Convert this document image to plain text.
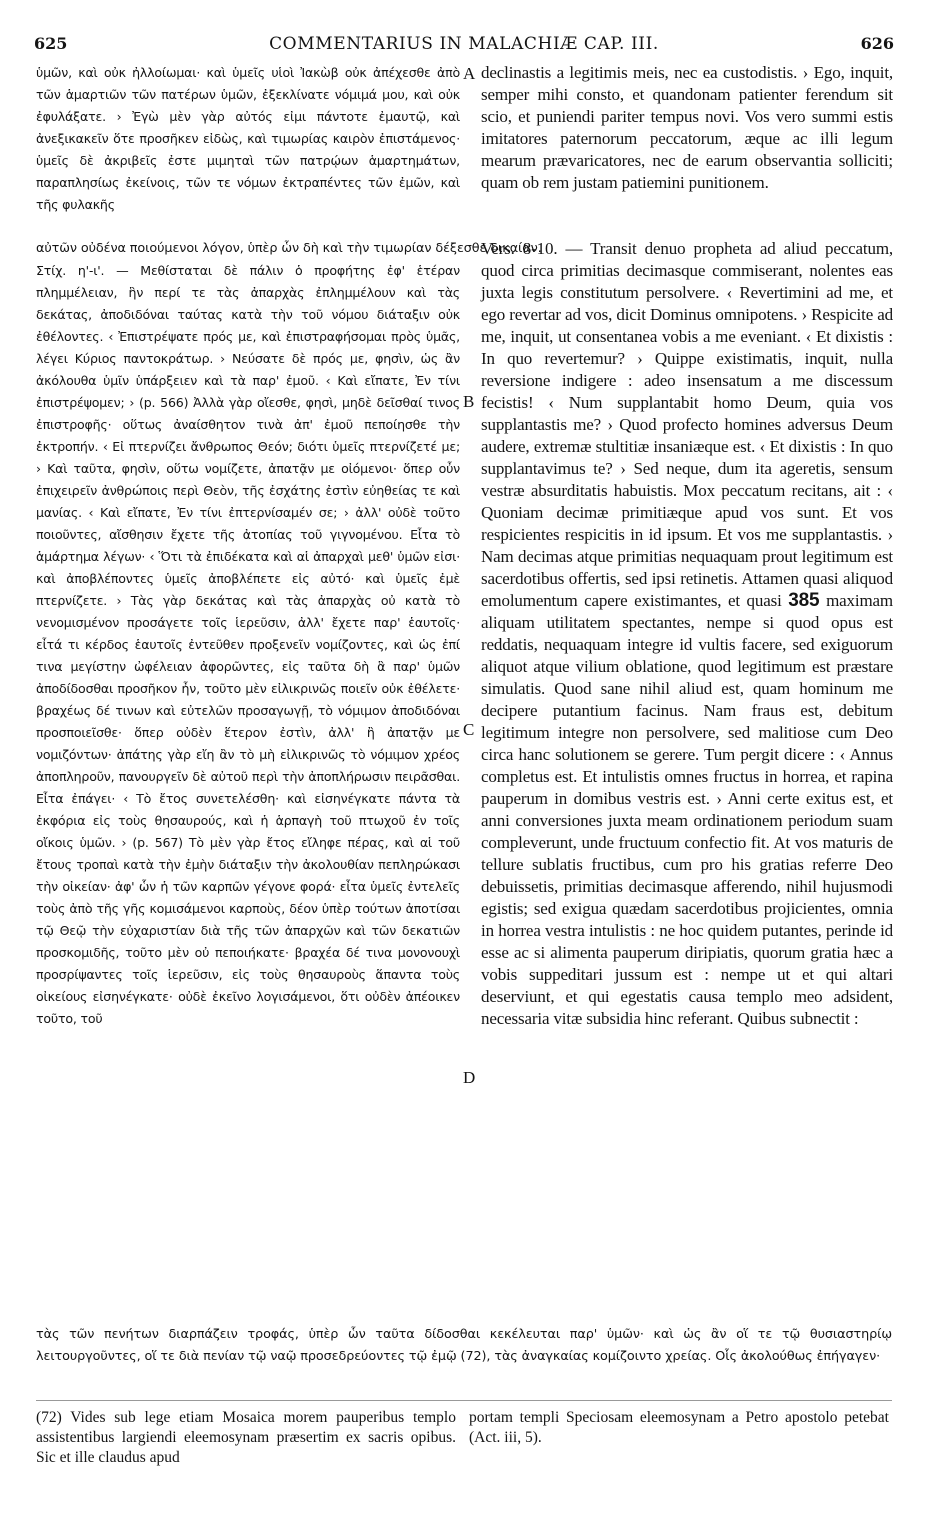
625	COMMENTARIUS IN MALACHIÆ CAP. III.	626

ὑμῶν, καὶ οὐκ ἠλλοίωμαι· καὶ ὑμεῖς υἱοὶ Ἰακὼβ οὐκ ἀπέχεσθε ἀπὸ τῶν ἁμαρτιῶν τῶν πατέρων ὑμῶν, ἐξεκλίνατε νόμιμά μου, καὶ οὐκ ἐφυλάξατε. › Ἐγὼ μὲν γὰρ αὐτός εἰμι πάντοτε ἐμαυτῷ, καὶ ἀνεξικακεῖν ὅτε προσῆκεν εἰδὼς, καὶ τιμωρίας καιρὸν ἐπιστάμενος· ὑμεῖς δὲ ἀκριβεῖς ἐστε μιμηταὶ τῶν πατρῴων ἁμαρτημάτων, παραπλησίως ἐκείνοις, τῶν τε νόμων ἐκτραπέντες τῶν ἐμῶν, καὶ τῆς φυλακῆς

Στίχ. η'-ι'. — Μεθίσταται δὲ πάλιν ὁ προφήτης ἐφ' ἑτέραν πλημμέλειαν, ἣν περί τε τὰς ἀπαρχὰς ἐπλημμέλουν καὶ τὰς δεκάτας, ἀποδιδόναι ταύτας κατὰ τὴν τοῦ νόμου διάταξιν οὐκ ἐθέλοντες. ‹ Ἐπιστρέψατε πρός με, καὶ ἐπιστραφήσομαι πρὸς ὑμᾶς, λέγει Κύριος παντοκράτωρ. › Νεύσατε δὲ πρός με, φησὶν, ὡς ἂν ἀκόλουθα ὑμῖν ὑπάρξειεν καὶ τὰ παρ' ἐμοῦ. ‹ Καὶ εἴπατε, Ἐν τίνι ἐπιστρέψομεν; › (p. 566) Ἀλλὰ γὰρ οἴεσθε, φησὶ, μηδὲ δεῖσθαί τινος ἐπιστροφῆς· οὕτως ἀναίσθητον τινὰ ἀπ' ἐμοῦ πεποίησθε τὴν ἐκτροπήν. ‹ Εἰ πτερνίζει ἄνθρωπος Θεόν; διότι ὑμεῖς πτερνίζετέ με; › Καὶ ταῦτα, φησὶν, οὕτω νομίζετε, ἀπατᾷν με οἰόμενοι· ὅπερ οὖν ἐπιχειρεῖν ἀνθρώποις περὶ Θεὸν, τῆς ἐσχάτης ἐστὶν εὐηθείας τε καὶ μανίας. ‹ Καὶ εἴπατε, Ἐν τίνι ἐπτερνίσαμέν σε; › ἀλλ' οὐδὲ τοῦτο ποιοῦντες, αἴσθησιν ἔχετε τῆς ἀτοπίας τοῦ γιγνομένου. Εἶτα τὸ ἁμάρτημα λέγων· ‹ Ὅτι τὰ ἐπιδέκατα καὶ αἱ ἀπαρχαὶ μεθ' ὑμῶν εἰσι· καὶ ἀποβλέποντες ὑμεῖς ἀποβλέπετε εἰς αὐτό· καὶ ὑμεῖς ἐμὲ πτερνίζετε. › Τὰς γὰρ δεκάτας καὶ τὰς ἀπαρχὰς οὐ κατὰ τὸ νενομισμένον προσάγετε τοῖς ἱερεῦσιν, ἀλλ' ἔχετε παρ' ἑαυτοῖς· εἶτά τι κέρδος ἑαυτοῖς ἐντεῦθεν προξενεῖν νομίζοντες, καὶ ὡς ἐπί τινα μεγίστην ὠφέλειαν ἀφορῶντες, εἰς ταῦτα δὴ ἃ παρ' ὑμῶν ἀποδίδοσθαι προσῆκον ἦν, τοῦτο μὲν εἰλικρινῶς ποιεῖν οὐκ ἐθέλετε· βραχέως δέ τινων καὶ εὐτελῶν προσαγωγῇ, τὸ νόμιμον ἀποδιδόναι προσποιεῖσθε· ὅπερ οὐδὲν ἕτερον ἐστὶν, ἀλλ' ἢ ἀπατᾷν με νομιζόντων· ἀπάτης γὰρ εἴη ἂν τὸ μὴ εἰλικρινῶς τὸ νόμιμον χρέος ἀποπληροῦν, πανουργεῖν δὲ αὐτοῦ περὶ τὴν ἀποπλήρωσιν πειρᾶσθαι. Εἶτα ἐπάγει· ‹ Τὸ ἔτος συνετελέσθη· καὶ εἰσηνέγκατε πάντα τὰ ἐκφόρια εἰς τοὺς θησαυρούς, καὶ ἡ ἁρπαγὴ τοῦ πτωχοῦ ἐν τοῖς οἴκοις ὑμῶν. › (p. 567) Τὸ μὲν γὰρ ἔτος εἴληφε πέρας, καὶ αἱ τοῦ ἔτους τροπαὶ κατὰ τὴν ἐμὴν διάταξιν τὴν ἀκολουθίαν πεπληρώκασι τὴν οἰκείαν· ἀφ' ὧν ἡ τῶν καρπῶν γέγονε φορά· εἶτα ὑμεῖς ἐντελεῖς τοὺς ἀπὸ τῆς γῆς κομισάμενοι καρποὺς, δέον ὑπὲρ τούτων ἀποτίσαι τῷ Θεῷ τὴν εὐχαριστίαν διὰ τῆς τῶν ἀπαρχῶν καὶ τῶν δεκατιῶν προσκομιδῆς, τοῦτο μὲν οὐ πεποιήκατε· βραχέα δέ τινα μονονουχὶ προσρίψαντες τοῖς ἱερεῦσιν, εἰς τοὺς θησαυροὺς ἅπαντα τοὺς οἰκείους εἰσηνέγκατε· οὐδὲ ἐκεῖνο λογισάμενοι, ὅτι οὐδὲν ἀπέοικεν τοῦτο, τοῦ

αὐτῶν οὐδένα ποιούμενοι λόγον, ὑπὲρ ὧν δὴ καὶ τὴν τιμωρίαν δέξεσθε δικαίαν.

declinastis a legitimis meis, nec ea custodistis. › Ego, inquit, semper mihi consto, et quandonam patienter ferendum sit scio, et puniendi pariter tempus novi. Vos vero summi estis imitatores paternorum peccatorum, æque ac illi legum mearum prævaricatores, nec de earum observantia solliciti; quam ob rem justam patiemini punitionem.

Vers. 8-10. — Transit denuo propheta ad aliud peccatum, quod circa primitias decimasque commiserant, nolentes eas juxta legis constitutum persolvere. ‹ Revertimini ad me, et ego revertar ad vos, dicit Dominus omnipotens. › Respicite ad me, inquit, ut consentanea vobis a me eveniant. ‹ Et dixistis : In quo revertemur? › Quippe existimatis, inquit, nulla reversione indigere : adeo insensatum a me discessum fecistis! ‹ Num supplantabit homo Deum, quia vos supplantastis me? › Quod profecto homines adversus Deum audere, extremæ stultitiæ insaniæque est. ‹ Et dixistis : In quo supplantavimus te? › Sed neque, dum ita ageretis, sensum vestræ absurditatis habuistis. Mox peccatum recitans, ait : ‹ Quoniam decimæ primitiæque apud vos sunt. Et vos respicientes respicitis in id ipsum. Et vos me supplantastis. › Nam decimas atque primitias nequaquam prout legitimum est sacerdotibus offertis, sed ipsi retinetis. Attamen quasi aliquod emolumentum capere existimantes, et quasi 385 maximam aliquam utilitatem spectantes, nempe si quod opus est reddatis, nequaquam integre id vultis facere, sed exiguorum aliquot atque vilium oblatione, quod legitimum est præstare simulatis. Quod sane nihil aliud est, quam hominum me decipere putantium facinus. Nam fraus est, debitum legitimum integre non persolvere, sed malitiose cum Deo circa hanc solutionem se gerere. Tum pergit dicere : ‹ Annus completus est. Et intulistis omnes fructus in horrea, et rapina pauperum in domibus vestris est. › Anni certe exitus est, et anni conversiones juxta meam ordinationem periodum suam compleverunt, unde fructuum confectio fit. At vos maturis de tellure sublatis fructibus, cum pro his gratias referre Deo debuissetis, primitias decimasque afferendo, nihil hujusmodi egistis; sed exigua quædam sacerdotibus projicientes, omnia in horrea vestra intulistis : ne hoc quidem putantes, perinde id esse ac si alimenta pauperum diripiatis, quorum gratia hæc a vobis suppeditari jussum est : nempe ut et qui altari deserviunt, et qui egestatis causa templo meo adsident, necessaria vitæ subsidia hinc referant. Quibus subnectit :

A
B
C
D
τὰς τῶν πενήτων διαρπάζειν τροφάς, ὑπὲρ ὧν ταῦτα δίδοσθαι κεκέλευται παρ' ὑμῶν· καὶ ὡς ἂν οἵ τε τῷ θυσιαστηρίῳ λειτουργοῦντες, οἵ τε διὰ πενίαν τῷ ναῷ προσεδρεύοντες τῷ ἐμῷ (72), τὰς ἀναγκαίας κομίζοιντο χρείας. Οἷς ἀκολούθως ἐπήγαγεν·
(72) Vides sub lege etiam Mosaica morem pauperibus templo assistentibus largiendi eleemosynam præsertim ex sacris opibus. Sic et ille claudus apud
portam templi Speciosam eleemosynam a Petro apostolo petebat (Act. iii, 5).
